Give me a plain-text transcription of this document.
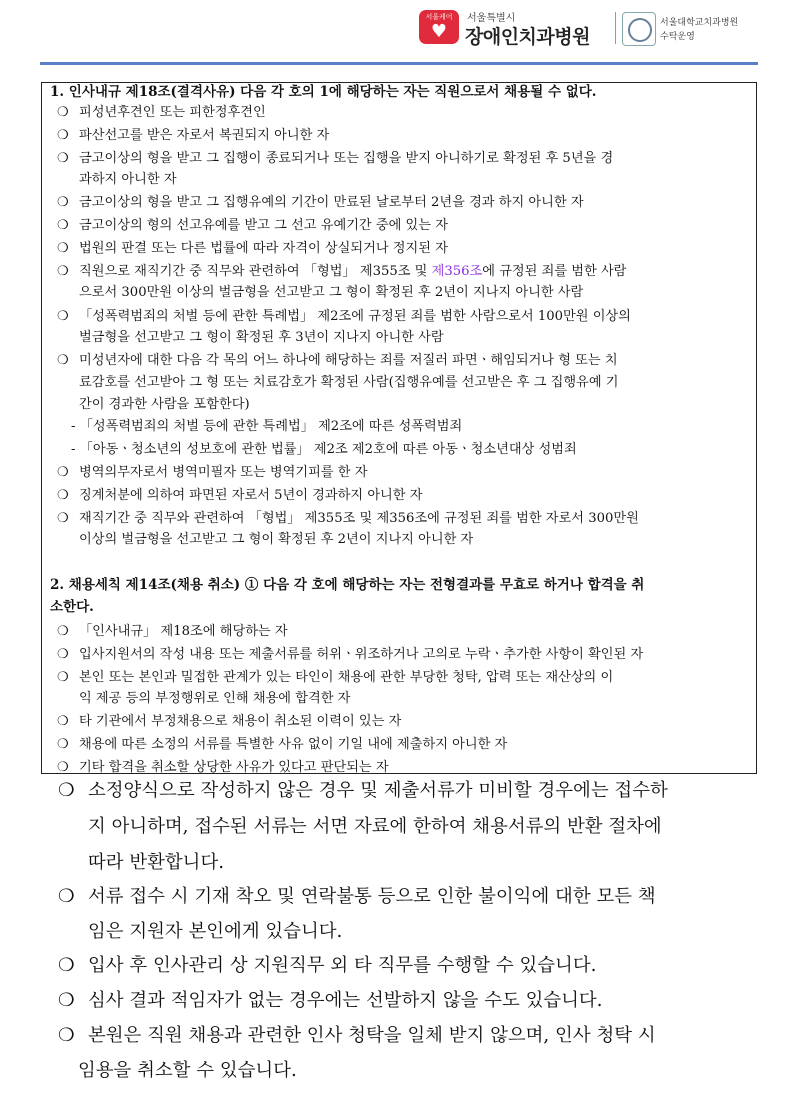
서울케어
♥
서울특별시
장애인치과병원
서울대학교치과병원
수탁운영
1. 인사내규 제18조(결격사유) 다음 각 호의 1에 해당하는 자는 직원으로서 채용될 수 없다.
❍ 피성년후견인 또는 피한정후견인
❍ 파산선고를 받은 자로서 복권되지 아니한 자
❍ 금고이상의 형을 받고 그 집행이 종료되거나 또는 집행을 받지 아니하기로 확정된 후 5년을 경
과하지 아니한 자
❍ 금고이상의 형을 받고 그 집행유예의 기간이 만료된 날로부터 2년을 경과 하지 아니한 자
❍ 금고이상의 형의 선고유예를 받고 그 선고 유예기간 중에 있는 자
❍ 법원의 판결 또는 다른 법률에 따라 자격이 상실되거나 정지된 자
❍ 직원으로 재직기간 중 직무와 관련하여 「형법」 제355조 및 제356조에 규정된 죄를 범한 사람
으로서 300만원 이상의 벌금형을 선고받고 그 형이 확정된 후 2년이 지나지 아니한 사람
❍ 「성폭력범죄의 처벌 등에 관한 특례법」 제2조에 규정된 죄를 범한 사람으로서 100만원 이상의
벌금형을 선고받고 그 형이 확정된 후 3년이 지나지 아니한 사람
❍ 미성년자에 대한 다음 각 목의 어느 하나에 해당하는 죄를 저질러 파면ㆍ해임되거나 형 또는 치
료감호를 선고받아 그 형 또는 치료감호가 확정된 사람(집행유예를 선고받은 후 그 집행유예 기
간이 경과한 사람을 포함한다)
- 「성폭력범죄의 처벌 등에 관한 특례법」 제2조에 따른 성폭력범죄
- 「아동ㆍ청소년의 성보호에 관한 법률」 제2조 제2호에 따른 아동ㆍ청소년대상 성범죄
❍ 병역의무자로서 병역미필자 또는 병역기피를 한 자
❍ 징계처분에 의하여 파면된 자로서 5년이 경과하지 아니한 자
❍ 재직기간 중 직무와 관련하여 「형법」 제355조 및 제356조에 규정된 죄를 범한 자로서 300만원
이상의 벌금형을 선고받고 그 형이 확정된 후 2년이 지나지 아니한 자
2. 채용세칙 제14조(채용 취소) ① 다음 각 호에 해당하는 자는 전형결과를 무효로 하거나 합격을 취
소한다.
❍ 「인사내규」 제18조에 해당하는 자
❍ 입사지원서의 작성 내용 또는 제출서류를 허위ㆍ위조하거나 고의로 누락ㆍ추가한 사항이 확인된 자
❍ 본인 또는 본인과 밀접한 관계가 있는 타인이 채용에 관한 부당한 청탁, 압력 또는 재산상의 이
익 제공 등의 부정행위로 인해 채용에 합격한 자
❍ 타 기관에서 부정채용으로 채용이 취소된 이력이 있는 자
❍ 채용에 따른 소정의 서류를 특별한 사유 없이 기일 내에 제출하지 아니한 자
❍ 기타 합격을 취소할 상당한 사유가 있다고 판단되는 자
❍ 소정양식으로 작성하지 않은 경우 및 제출서류가 미비할 경우에는 접수하
지 아니하며, 접수된 서류는 서면 자료에 한하여 채용서류의 반환 절차에
따라 반환합니다.
❍ 서류 접수 시 기재 착오 및 연락불통 등으로 인한 불이익에 대한 모든 책
임은 지원자 본인에게 있습니다.
❍ 입사 후 인사관리 상 지원직무 외 타 직무를 수행할 수 있습니다.
❍ 심사 결과 적임자가 없는 경우에는 선발하지 않을 수도 있습니다.
❍ 본원은 직원 채용과 관련한 인사 청탁을 일체 받지 않으며, 인사 청탁 시
임용을 취소할 수 있습니다.
